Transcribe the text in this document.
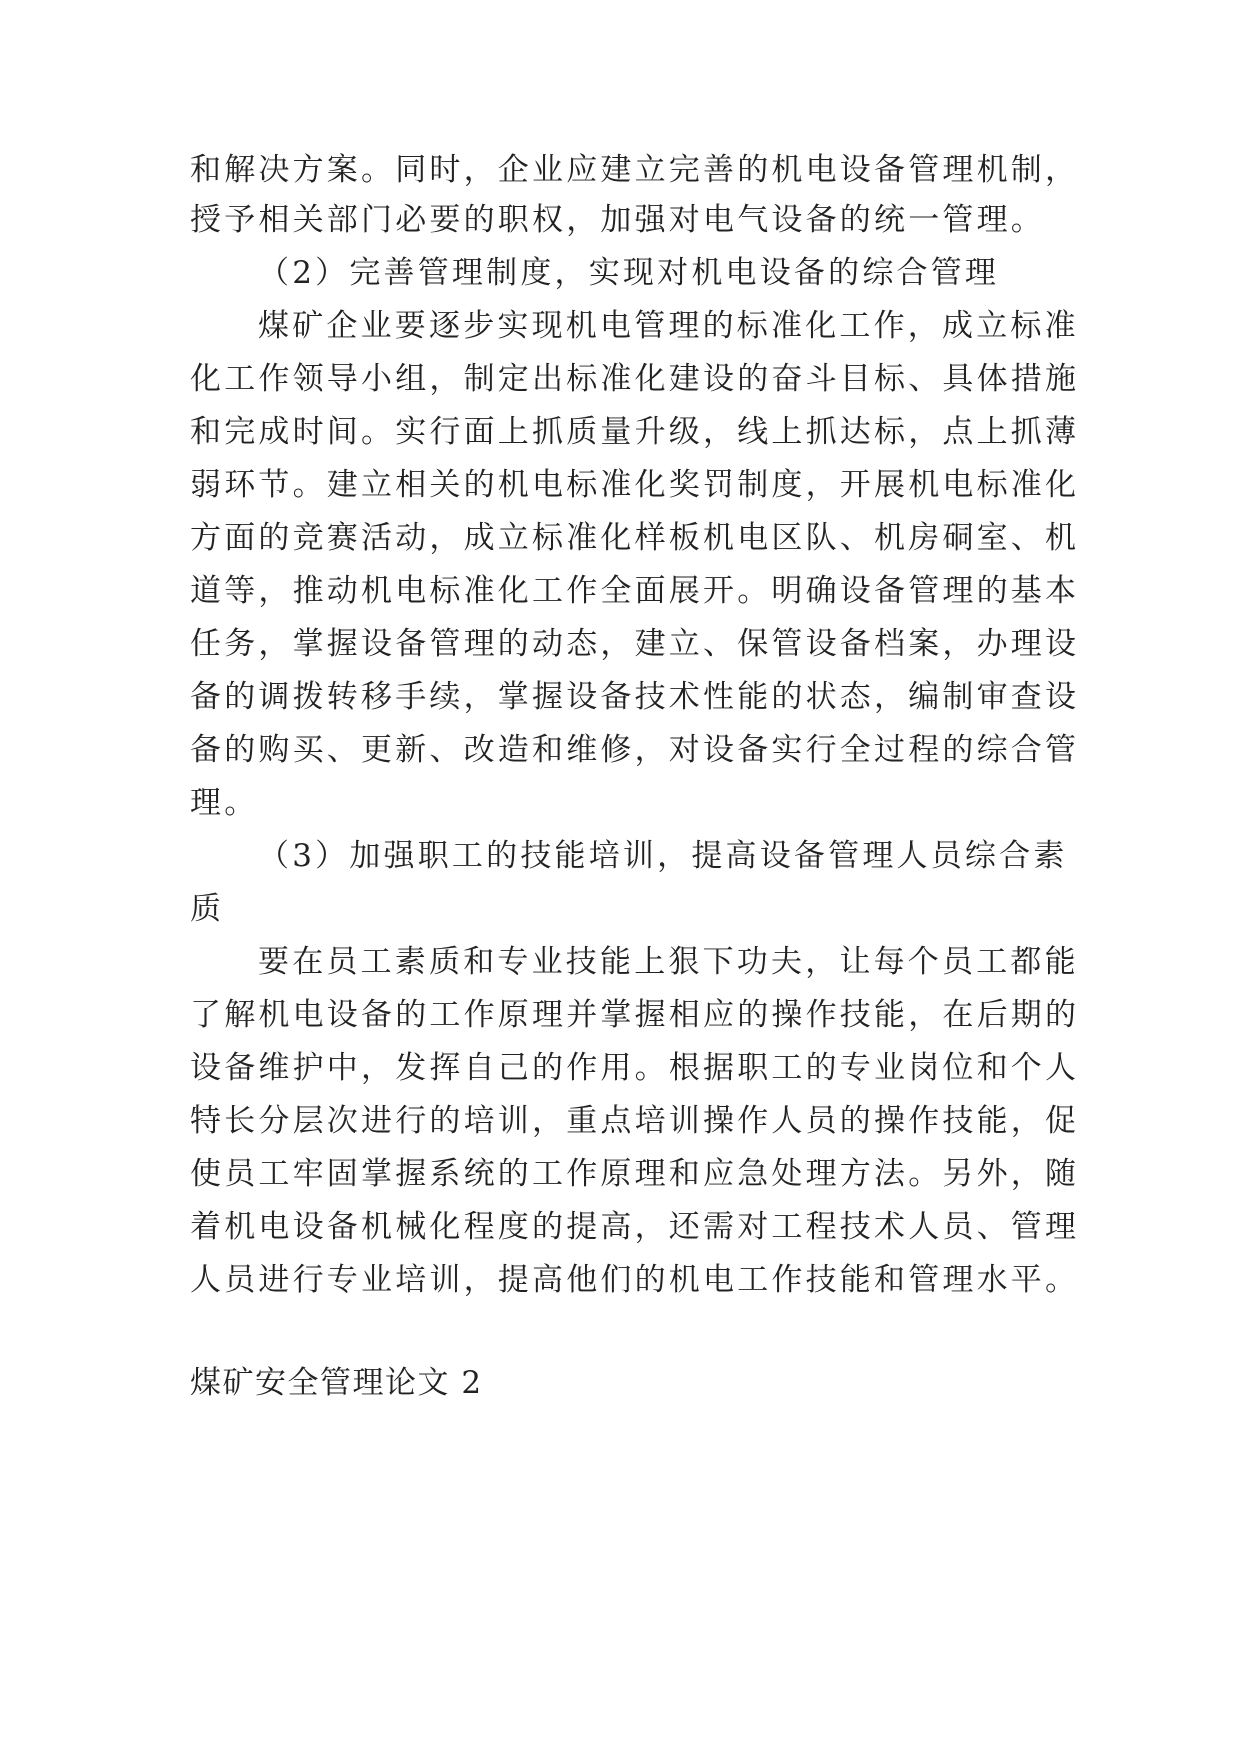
和解决方案。同时，企业应建立完善的机电设备管理机制，
授予相关部门必要的职权，加强对电气设备的统一管理。
（2）完善管理制度，实现对机电设备的综合管理
煤矿企业要逐步实现机电管理的标准化工作，成立标准
化工作领导小组，制定出标准化建设的奋斗目标、具体措施
和完成时间。实行面上抓质量升级，线上抓达标，点上抓薄
弱环节。建立相关的机电标准化奖罚制度，开展机电标准化
方面的竞赛活动，成立标准化样板机电区队、机房硐室、机
道等，推动机电标准化工作全面展开。明确设备管理的基本
任务，掌握设备管理的动态，建立、保管设备档案，办理设
备的调拨转移手续，掌握设备技术性能的状态，编制审查设
备的购买、更新、改造和维修，对设备实行全过程的综合管
理。
（3）加强职工的技能培训，提高设备管理人员综合素
质
要在员工素质和专业技能上狠下功夫，让每个员工都能
了解机电设备的工作原理并掌握相应的操作技能，在后期的
设备维护中，发挥自己的作用。根据职工的专业岗位和个人
特长分层次进行的培训，重点培训操作人员的操作技能，促
使员工牢固掌握系统的工作原理和应急处理方法。另外，随
着机电设备机械化程度的提高，还需对工程技术人员、管理
人员进行专业培训，提高他们的机电工作技能和管理水平。
煤矿安全管理论文 2
